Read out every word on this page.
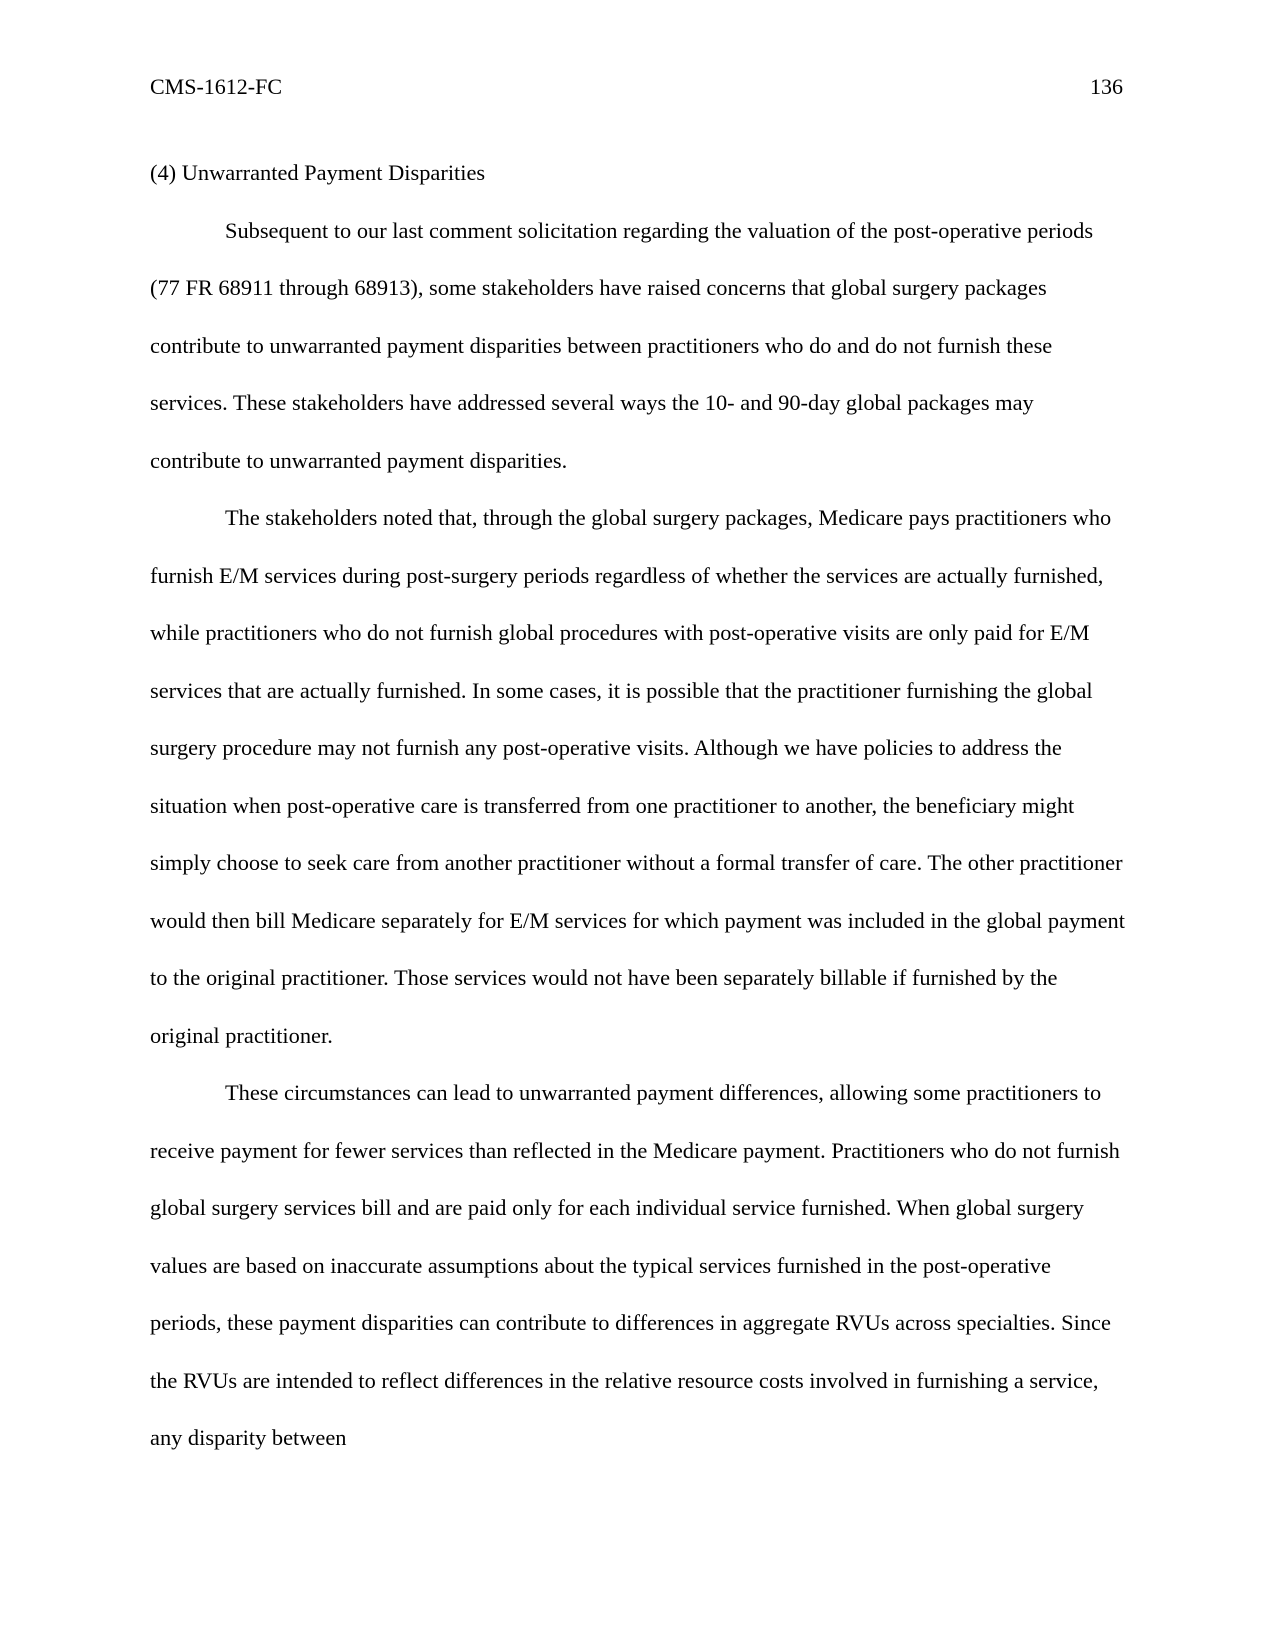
CMS-1612-FC	136

(4) Unwarranted Payment Disparities

Subsequent to our last comment solicitation regarding the valuation of the post-operative periods (77 FR 68911 through 68913), some stakeholders have raised concerns that global surgery packages contribute to unwarranted payment disparities between practitioners who do and do not furnish these services. These stakeholders have addressed several ways the 10- and 90-day global packages may contribute to unwarranted payment disparities.

The stakeholders noted that, through the global surgery packages, Medicare pays practitioners who furnish E/M services during post-surgery periods regardless of whether the services are actually furnished, while practitioners who do not furnish global procedures with post-operative visits are only paid for E/M services that are actually furnished. In some cases, it is possible that the practitioner furnishing the global surgery procedure may not furnish any post-operative visits. Although we have policies to address the situation when post-operative care is transferred from one practitioner to another, the beneficiary might simply choose to seek care from another practitioner without a formal transfer of care. The other practitioner would then bill Medicare separately for E/M services for which payment was included in the global payment to the original practitioner. Those services would not have been separately billable if furnished by the original practitioner.

These circumstances can lead to unwarranted payment differences, allowing some practitioners to receive payment for fewer services than reflected in the Medicare payment. Practitioners who do not furnish global surgery services bill and are paid only for each individual service furnished. When global surgery values are based on inaccurate assumptions about the typical services furnished in the post-operative periods, these payment disparities can contribute to differences in aggregate RVUs across specialties. Since the RVUs are intended to reflect differences in the relative resource costs involved in furnishing a service, any disparity between
